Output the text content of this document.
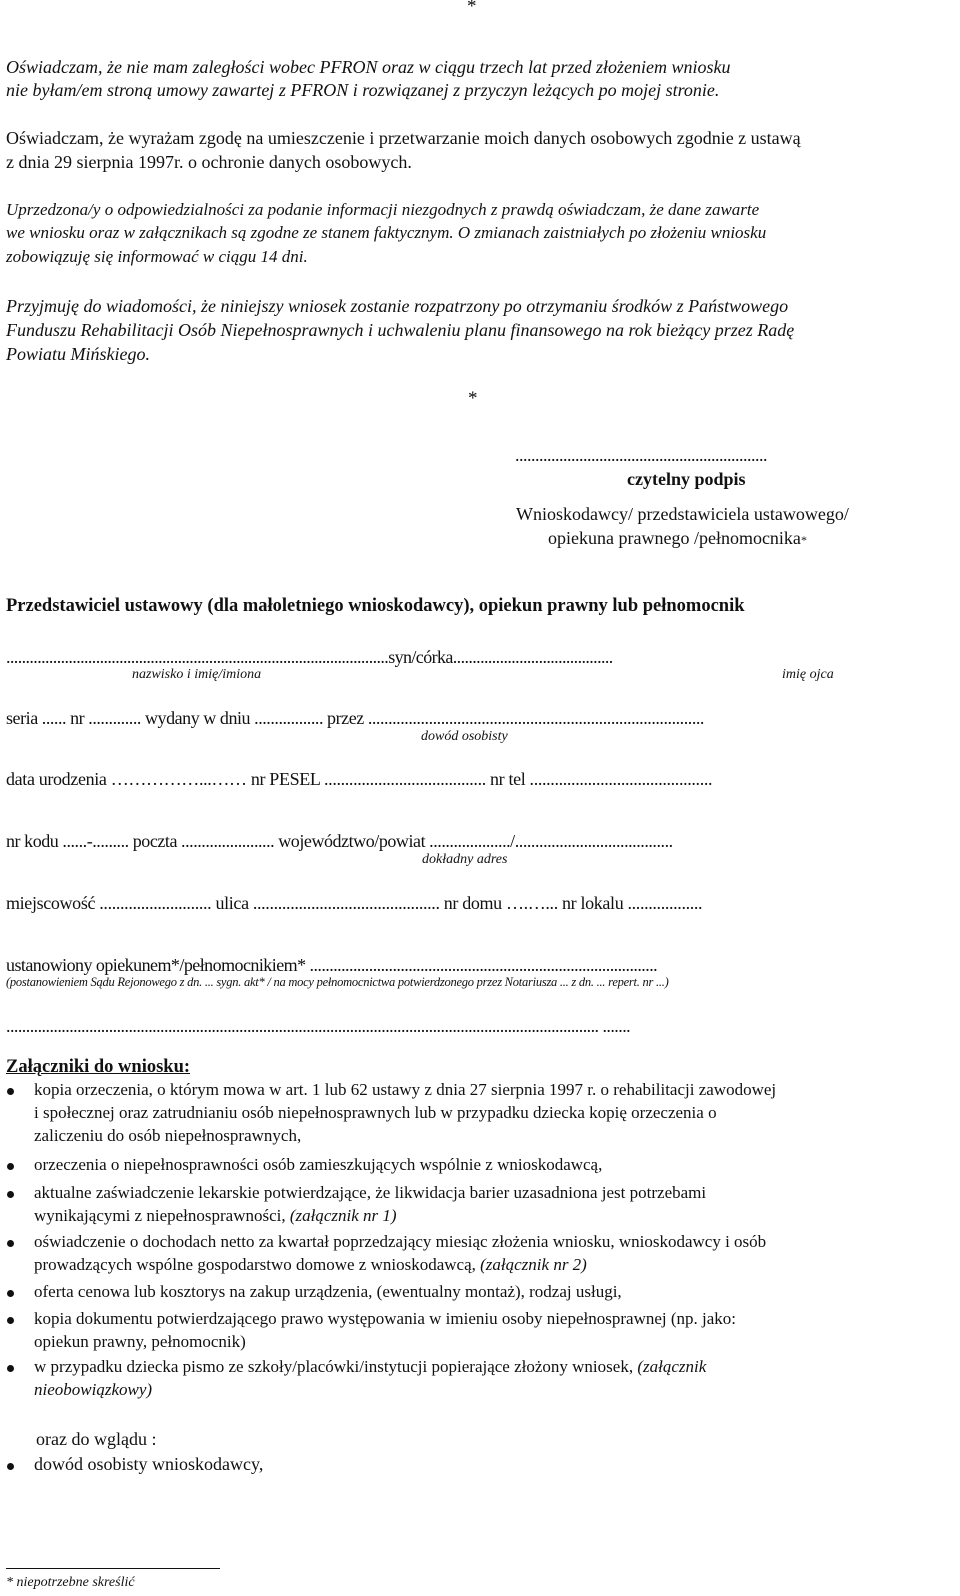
*
Oświadczam, że nie mam zaległości wobec PFRON oraz w ciągu trzech lat przed złożeniem wniosku
nie byłam/em stroną umowy zawartej z PFRON i rozwiązanej z przyczyn leżących po mojej stronie.
Oświadczam, że wyrażam zgodę na umieszczenie i przetwarzanie moich danych osobowych zgodnie z ustawą
z dnia 29 sierpnia 1997r. o ochronie danych osobowych.
Uprzedzona/y o odpowiedzialności za podanie informacji niezgodnych z prawdą oświadczam, że dane zawarte
we wniosku oraz w załącznikach są zgodne ze stanem faktycznym. O zmianach zaistniałych po złożeniu wniosku
zobowiązuję się informować w ciągu 14 dni.
Przyjmuję do wiadomości, że niniejszy wniosek zostanie rozpatrzony po otrzymaniu środków z Państwowego
Funduszu Rehabilitacji Osób Niepełnosprawnych i uchwaleniu planu finansowego na rok bieżący przez Radę
Powiatu Mińskiego.
*
...............................................................
czytelny podpis
Wnioskodawcy/ przedstawiciela ustawowego/
opiekuna prawnego /pełnomocnika*
Przedstawiciel ustawowy (dla małoletniego wnioskodawcy), opiekun prawny lub pełnomocnik
..................................................................................................syn/córka.........................................
nazwisko i imię/imiona	imię ojca
seria ...... nr ............. wydany w dniu ................. przez ...................................................................................
dowód osobisty
data urodzenia ……………...…… nr PESEL ....................................... nr tel ............................................
nr kodu ......-......... poczta ....................... województwo/powiat ..................../.......................................
dokładny adres
miejscowość ........................... ulica ............................................. nr domu ….…... nr lokalu ..................
ustanowiony opiekunem*/pełnomocnikiem* ........................................................................................
(postanowieniem Sądu Rejonowego z dn. ... sygn. akt* / na mocy pełnomocnictwa potwierdzonego przez Notariusza ... z dn. ... repert. nr ...)
...................................................................................................................................................... .......
Załączniki do wniosku:
kopia orzeczenia, o którym mowa w art. 1 lub 62 ustawy z dnia 27 sierpnia 1997 r. o rehabilitacji zawodowej
i społecznej oraz zatrudnianiu osób niepełnosprawnych lub w przypadku dziecka kopię orzeczenia o
zaliczeniu do osób niepełnosprawnych,
orzeczenia o niepełnosprawności osób zamieszkujących wspólnie z wnioskodawcą,
aktualne zaświadczenie lekarskie potwierdzające, że likwidacja barier uzasadniona jest potrzebami
wynikającymi z niepełnosprawności, (załącznik nr 1)
oświadczenie o dochodach netto za kwartał poprzedzający miesiąc złożenia wniosku, wnioskodawcy i osób
prowadzących wspólne gospodarstwo domowe z wnioskodawcą, (załącznik nr 2)
oferta cenowa lub kosztorys na zakup urządzenia, (ewentualny montaż), rodzaj usługi,
kopia dokumentu potwierdzającego prawo występowania w imieniu osoby niepełnosprawnej (np. jako:
opiekun prawny, pełnomocnik)
w przypadku dziecka pismo ze szkoły/placówki/instytucji popierające złożony wniosek, (załącznik
nieobowiązkowy)
oraz do wglądu :
dowód osobisty wnioskodawcy,
* niepotrzebne skreślić
